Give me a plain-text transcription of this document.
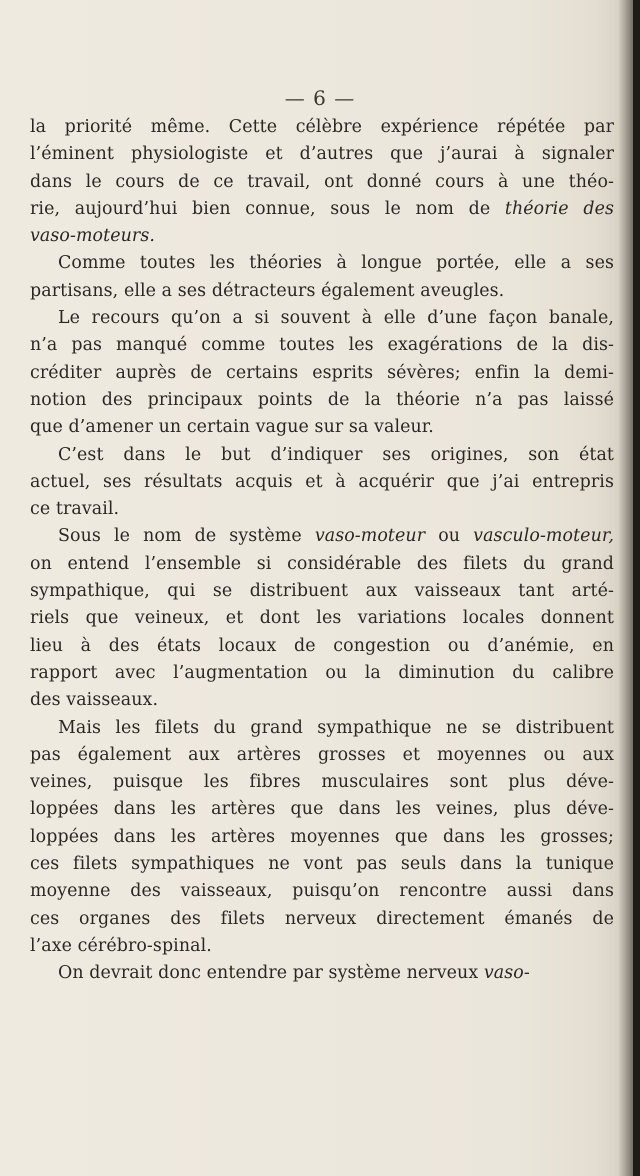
— 6 —
la priorité même. Cette célèbre expérience répétée par
l’éminent physiologiste et d’autres que j’aurai à signaler
dans le cours de ce travail, ont donné cours à une théo-
rie, aujourd’hui bien connue, sous le nom de théorie des
vaso-moteurs.
Comme toutes les théories à longue portée, elle a ses
partisans, elle a ses détracteurs également aveugles.
Le recours qu’on a si souvent à elle d’une façon banale,
n’a pas manqué comme toutes les exagérations de la dis-
créditer auprès de certains esprits sévères; enfin la demi-
notion des principaux points de la théorie n’a pas laissé
que d’amener un certain vague sur sa valeur.
C’est dans le but d’indiquer ses origines, son état
actuel, ses résultats acquis et à acquérir que j’ai entrepris
ce travail.
Sous le nom de système vaso-moteur ou vasculo-moteur,
on entend l’ensemble si considérable des filets du grand
sympathique, qui se distribuent aux vaisseaux tant arté-
riels que veineux, et dont les variations locales donnent
lieu à des états locaux de congestion ou d’anémie, en
rapport avec l’augmentation ou la diminution du calibre
des vaisseaux.
Mais les filets du grand sympathique ne se distribuent
pas également aux artères grosses et moyennes ou aux
veines, puisque les fibres musculaires sont plus déve-
loppées dans les artères que dans les veines, plus déve-
loppées dans les artères moyennes que dans les grosses;
ces filets sympathiques ne vont pas seuls dans la tunique
moyenne des vaisseaux, puisqu’on rencontre aussi dans
ces organes des filets nerveux directement émanés de
l’axe cérébro-spinal.
On devrait donc entendre par système nerveux vaso-
